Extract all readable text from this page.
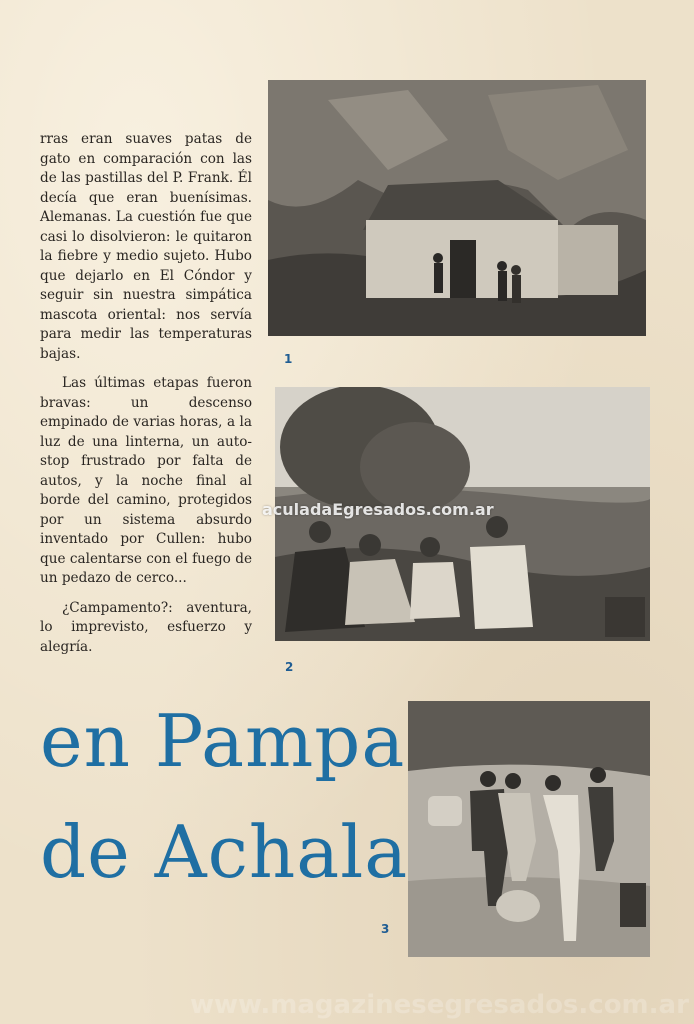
rras eran suaves patas de gato en comparación con las de las pastillas del P. Frank. Él decía que eran buenísimas. Alemanas. La cuestión fue que casi lo disolvieron: le quitaron la fiebre y medio sujeto. Hubo que dejarlo en El Cóndor y seguir sin nuestra simpática mascota oriental: nos servía para medir las temperaturas bajas.

Las últimas etapas fueron bravas: un descenso empinado de varias horas, a la luz de una linterna, un auto-stop frustrado por falta de autos, y la noche final al borde del camino, protegidos por un sistema absurdo inventado por Cullen: hubo que calentarse con el fuego de un pedazo de cerco...

¿Campamento?: aventura, lo imprevisto, esfuerzo y alegría.

1
2
3
en Pampa
de Achala
aculadaEgresados.com.ar
www.magazinesegresados.com.ar
